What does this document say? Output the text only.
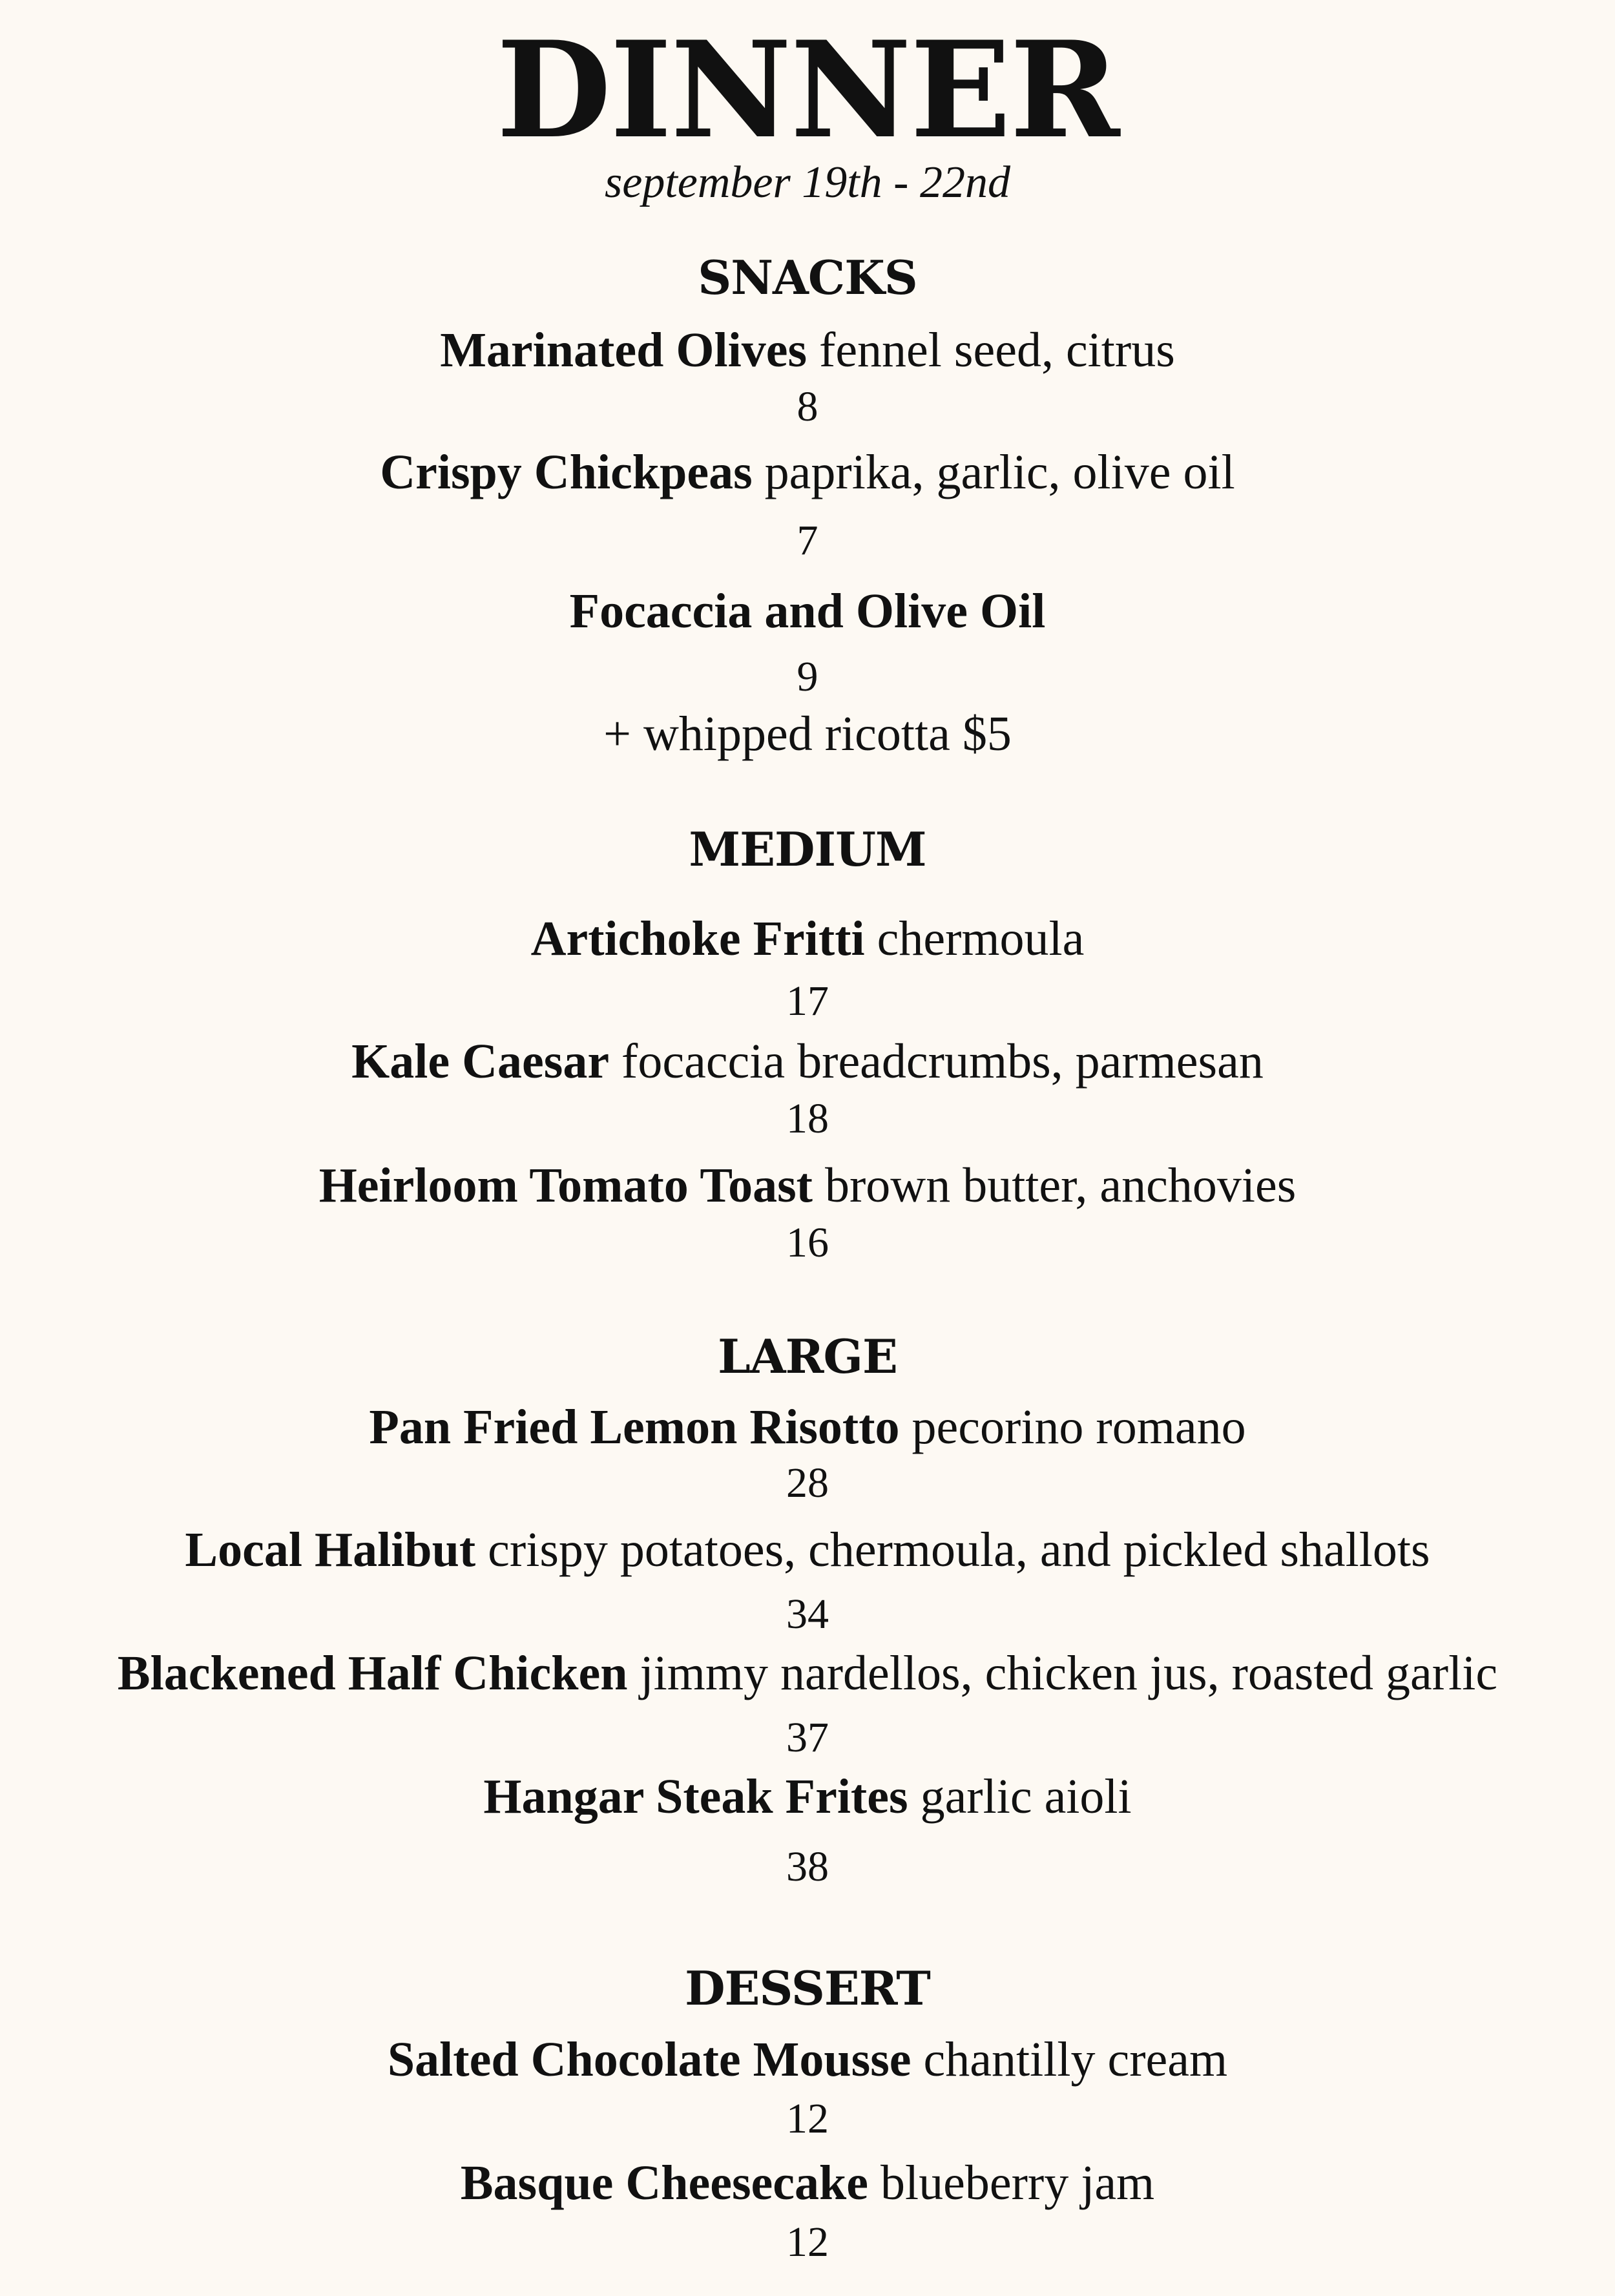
DINNER
september 19th - 22nd
SNACKS
Marinated Olives fennel seed, citrus
8
Crispy Chickpeas paprika, garlic, olive oil
7
Focaccia and Olive Oil
9
+ whipped ricotta $5
MEDIUM
Artichoke Fritti chermoula
17
Kale Caesar focaccia breadcrumbs, parmesan
18
Heirloom Tomato Toast brown butter, anchovies
16
LARGE
Pan Fried Lemon Risotto pecorino romano
28
Local Halibut crispy potatoes, chermoula, and pickled shallots
34
Blackened Half Chicken jimmy nardellos, chicken jus, roasted garlic
37
Hangar Steak Frites garlic aioli
38
DESSERT
Salted Chocolate Mousse chantilly cream
12
Basque Cheesecake blueberry jam
12
